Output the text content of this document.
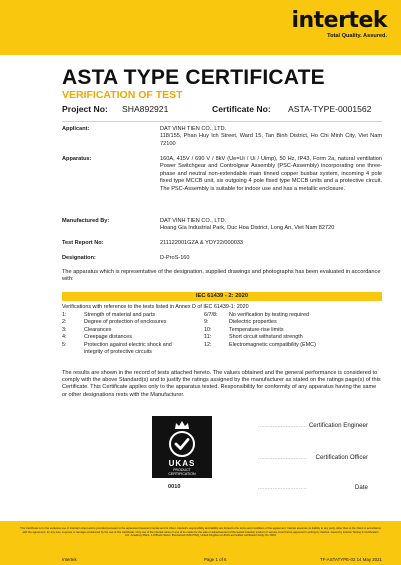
intertek
Total Quality. Assured.
ASTA TYPE CERTIFICATE
VERIFICATION OF TEST
Project No: SHA892921	Certificate No: ASTA-TYPE-0001562
Applicant:	DAT VINH TIEN CO., LTD.
118/155, Phan Huy Ich Street, Ward 15, Tan Binh District, Ho Chi Minh City, Viet Nam 72100
Apparatus:	160A, 415V / 690 V / 8kV (Ue=Ui / Ui / Uimp), 50 Hz, IP43, Form 2a, natural ventilation Power Switchgear and Controlgear Assembly (PSC-Assembly) incorporating one three-phase and neutral non-extendable main tinned copper busbar system, incoming 4 pole fixed type MCCB unit, six outgoing 4 pole fixed type MCCB units and a protective circuit. The PSC-Assembly is suitable for indoor use and has a metallic enclosure.
Manufactured By:	DAT VINH TIEN CO., LTD.
Hoang Gia Industrial Park, Duc Hoa District, Long An, Viet Nam 82720
Test Report No:	211122001GZA & YDY22/000033
Designation:	D-ProS-160
The apparatus which is representative of the designation, supplied drawings and photographs has been evaluated in accordance with:
IEC 61439 - 2: 2020
Verifications with reference to the tests listed in Annex D of IEC 61439-1: 2020
1:	Strength of material and parts	6/7/8: No verification by testing required
2:	Degree of protection of enclosures	9:	Dielectric properties
3:	Clearances	10:	Temperature-rise limits
4:	Creepage distances	11:	Short circuit withstand strength
5:	Protection against electric shock and	12:	Electromagnetic compatibility (EMC)
integrity of protective circuits
The results are shown in the record of tests attached hereto. The values obtained and the general performance is considered to comply with the above Standard(s) and to justify the ratings assigned by the manufacturer as stated on the ratings page(s) of this Certificate. This Certificate applies only to the apparatus tested. Responsibility for conformity of any apparatus having the same or other designations rests with the Manufacturer.
UKAS
PRODUCT
CERTIFICATION
0010
.............................. Certification Engineer
.............................. Certification Officer
..............................	Date
This Certificate is for the exclusive use of Intertek's client and is provided pursuant to the agreement between Intertek and its Client. Intertek's responsibility and liability are limited to the terms and conditions of the agreement. Intertek assumes no liability to any party, other than to the Client in accordance with the agreement, for any loss, expense or damage occasioned by the use of this Certificate. Only use of the Intertek name or one of its marks for the sale or advertisement of the tested material, product or service must first be approved in writing by Intertek. Issued by Intertek Testing & Certification Ltd., Academy Place, 1-9 Brook Street, Brentwood CM14 5NQ, United Kingdom a UKAS accredited certification body, No. 0010
Intertek	Page 1 of 6	TF-ASTATYPE-02 14 May 2021
